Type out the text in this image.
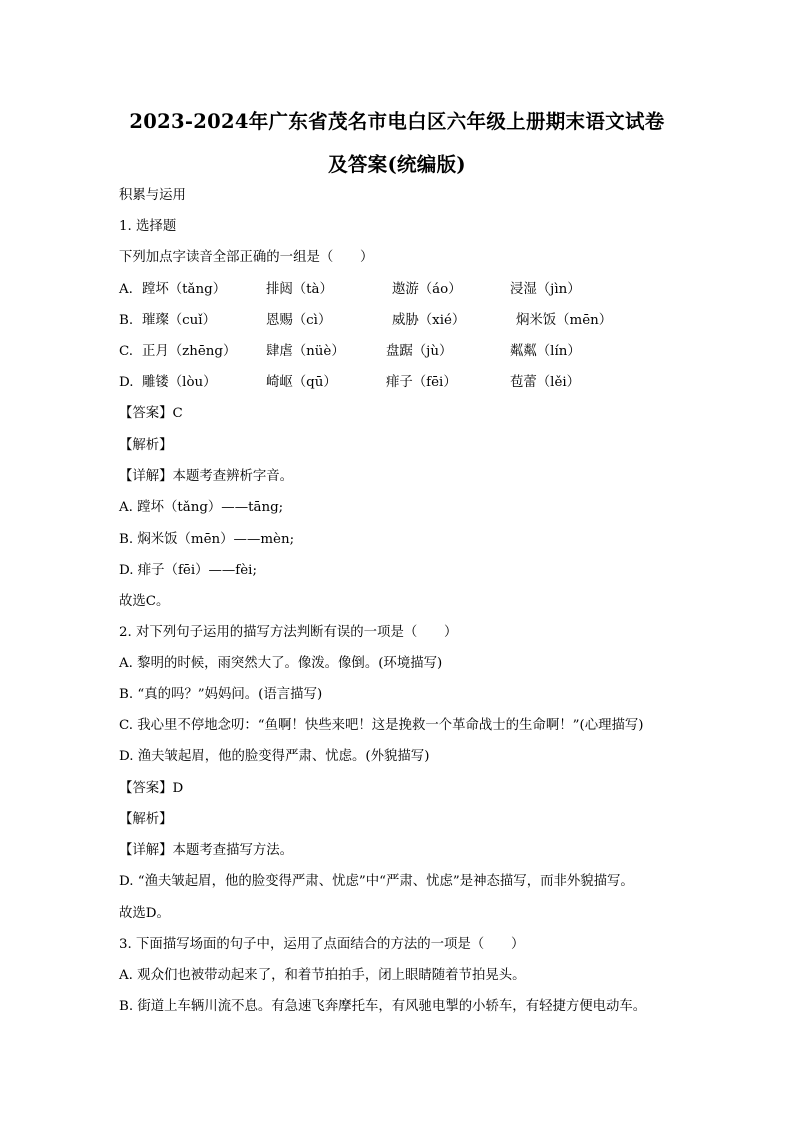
2023-2024年广东省茂名市电白区六年级上册期末语文试卷
及答案(统编版)
积累与运用
1. 选择题
下列加点字读音全部正确的一组是（　　）
A. 蹚坏（tǎng）	排闼（tà）	遨游（áo）	浸湿（jìn）
B. 璀璨（cuǐ）	恩赐（cì）	威胁（xié）	焖米饭（mēn）
C. 正月（zhēng） 肆虐（nüè）	盘踞（jù）	粼粼（lín）
D. 雕镂（lòu）	崎岖（qū）	痱子（fēi）	苞蕾（lěi）
【答案】C
【解析】
【详解】本题考查辨析字音。
A. 蹚坏（tǎng）——tāng;
B. 焖米饭（mēn）——mèn;
D. 痱子（fēi）——fèi;
故选C。
2. 对下列句子运用的描写方法判断有误的一项是（　　）
A. 黎明的时候，雨突然大了。像泼。像倒。(环境描写)
B. “真的吗？”妈妈问。(语言描写)
C. 我心里不停地念叨：“鱼啊！快些来吧！这是挽救一个革命战士的生命啊！”(心理描写)
D. 渔夫皱起眉，他的脸变得严肃、忧虑。(外貌描写)
【答案】D
【解析】
【详解】本题考查描写方法。
D. “渔夫皱起眉，他的脸变得严肃、忧虑”中“严肃、忧虑”是神态描写，而非外貌描写。
故选D。
3. 下面描写场面的句子中，运用了点面结合的方法的一项是（　　）
A. 观众们也被带动起来了，和着节拍拍手，闭上眼睛随着节拍晃头。
B. 街道上车辆川流不息。有急速飞奔摩托车，有风驰电掣的小轿车，有轻捷方便电动车。
